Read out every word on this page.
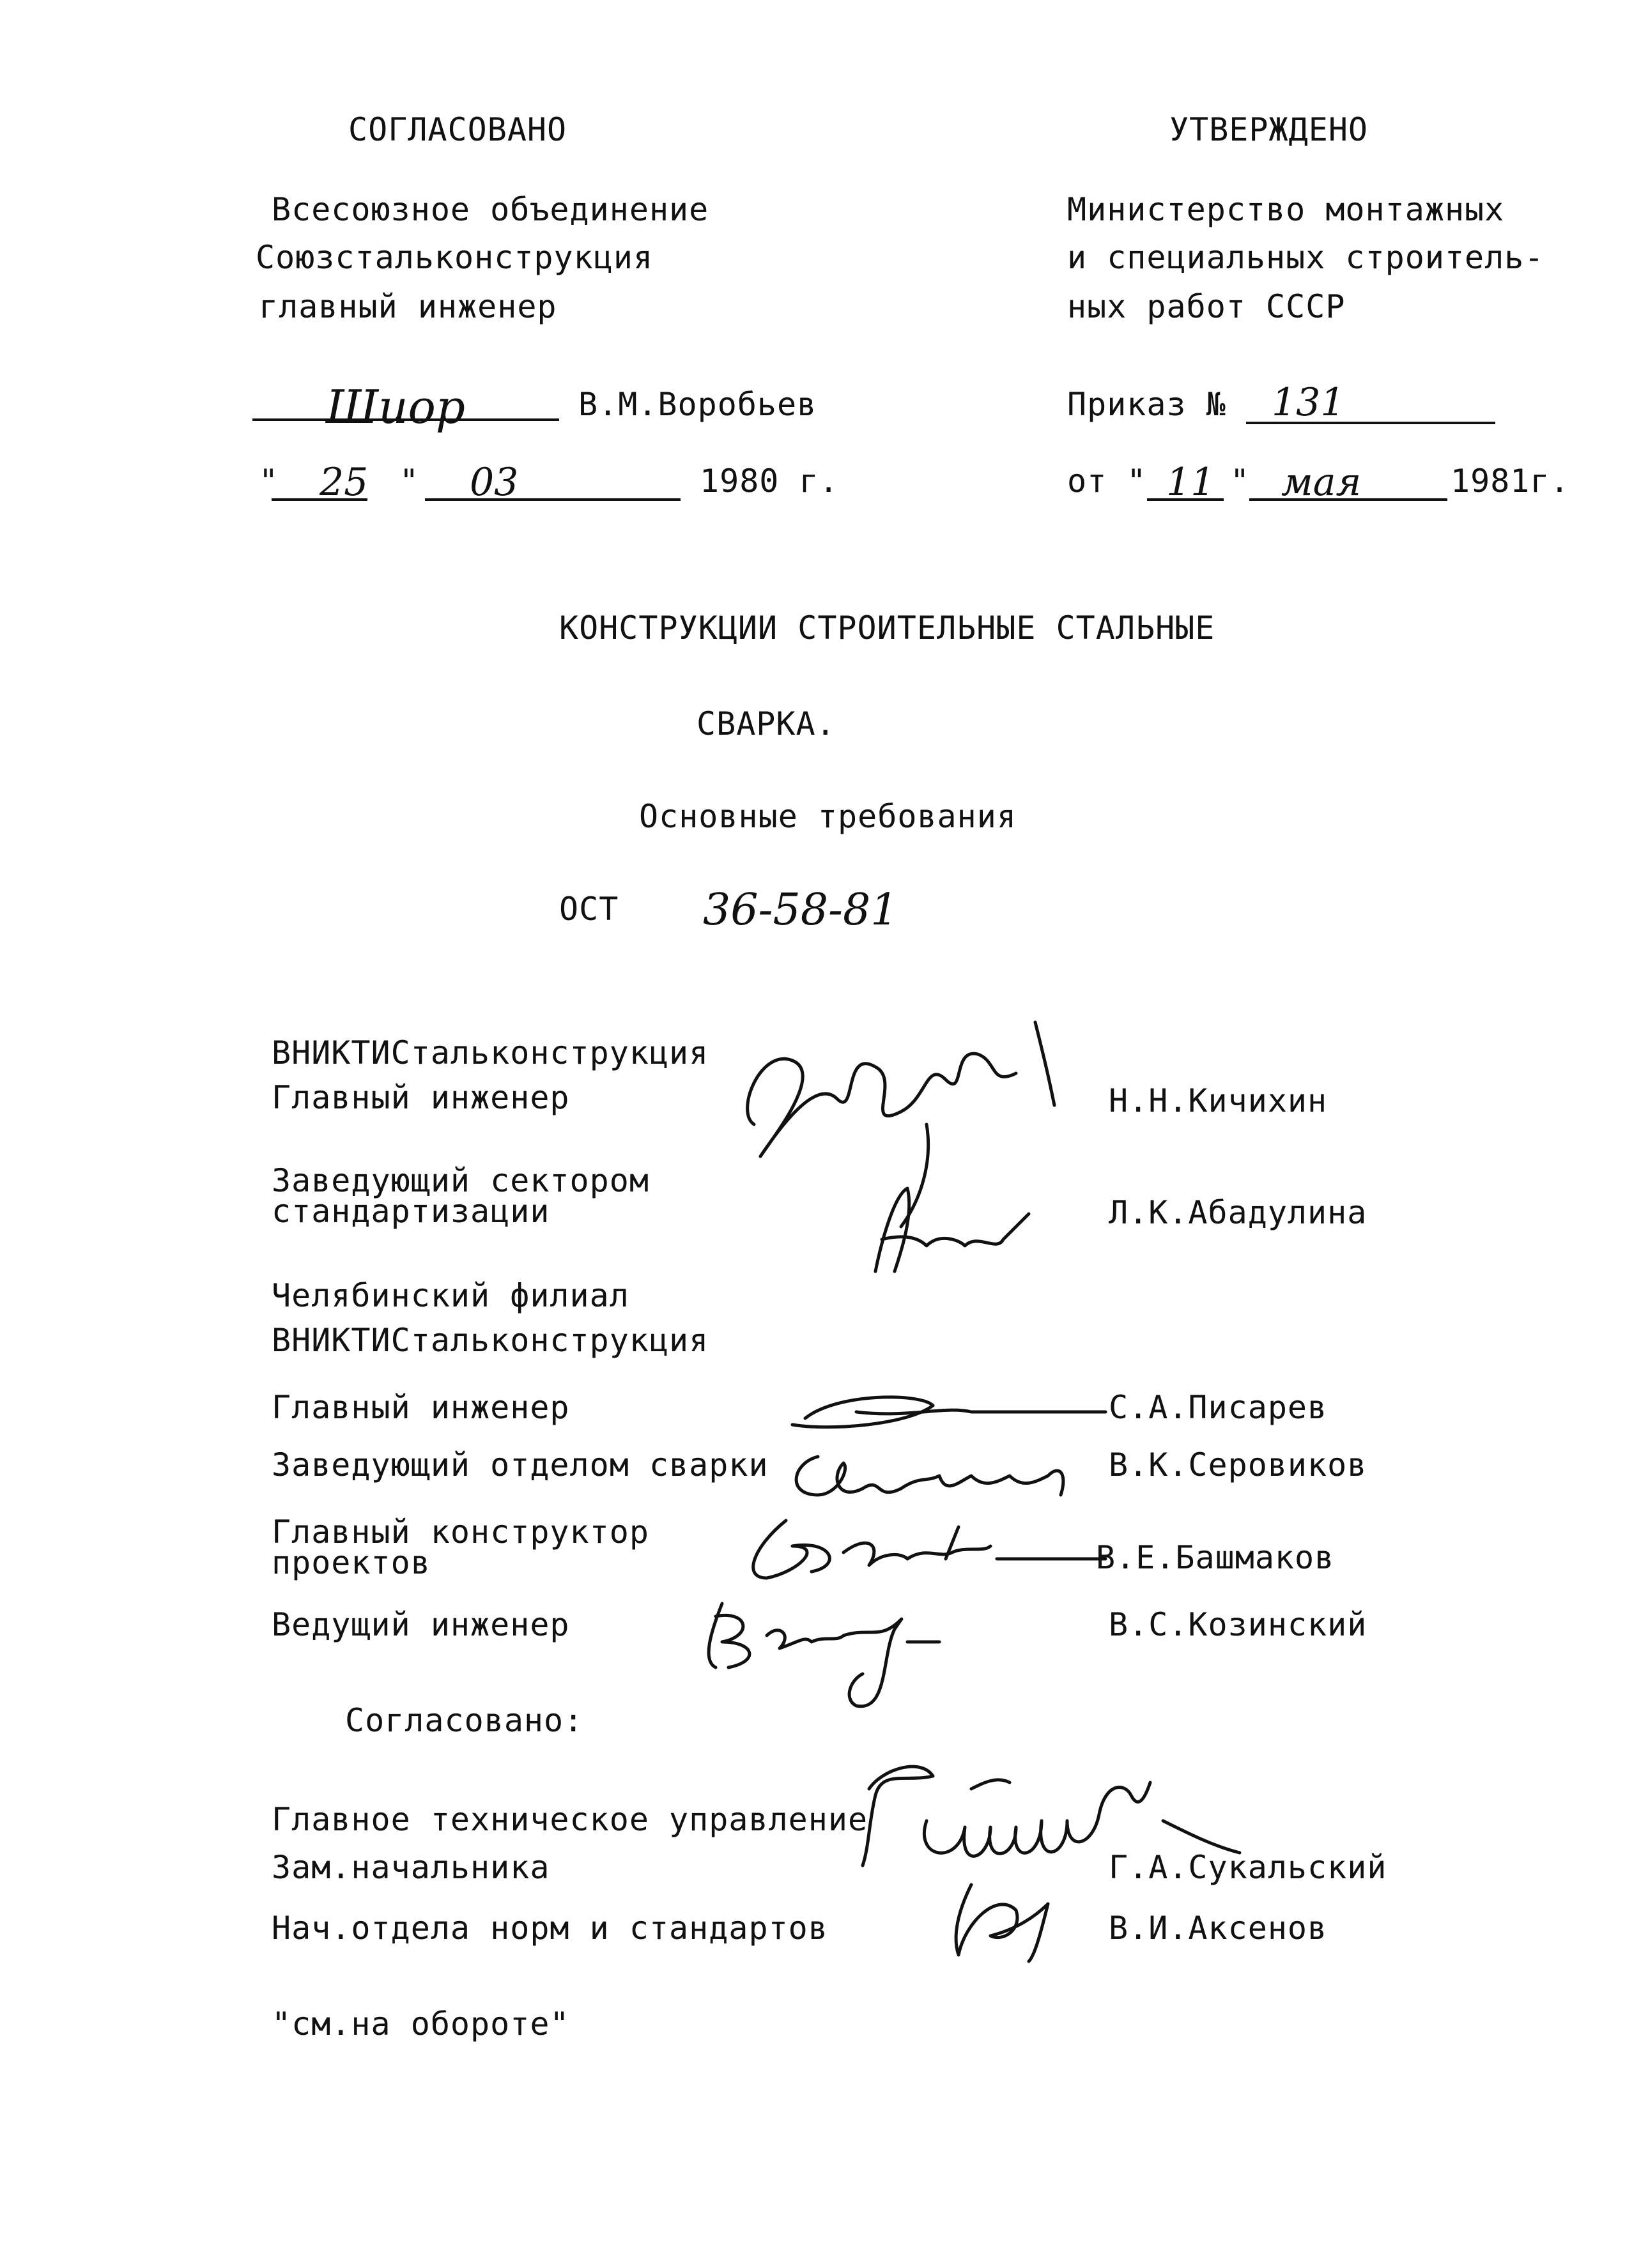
СОГЛАСОВАНО
Всесоюзное объединение
Союзстальконструкция
главный инженер
Шиор	В.М.Воробьев
" 25 " 03	1980 г.
УТВЕРЖДЕНО
Министерство монтажных
и специальных строитель-
ных работ СССР
Приказ № 131
от " 11 " мая	1981г.
КОНСТРУКЦИИ СТРОИТЕЛЬНЫЕ СТАЛЬНЫЕ
СВАРКА.
Основные требования
ОСТ 36-58-81
ВНИКТИСтальконструкция
Главный инженер	Н.Н.Кичихин
Заведующий сектором
стандартизации	Л.К.Абадулина
Челябинский филиал
ВНИКТИСтальконструкция
Главный инженер	С.А.Писарев
Заведующий отделом сварки	В.К.Серовиков
Главный конструктор
проектов	В.Е.Башмаков
Ведущий инженер	В.С.Козинский
Согласовано:
Главное техническое управление
Зам.начальника	Г.А.Сукальский
Нач.отдела норм и стандартов	В.И.Аксенов
"см.на обороте"
